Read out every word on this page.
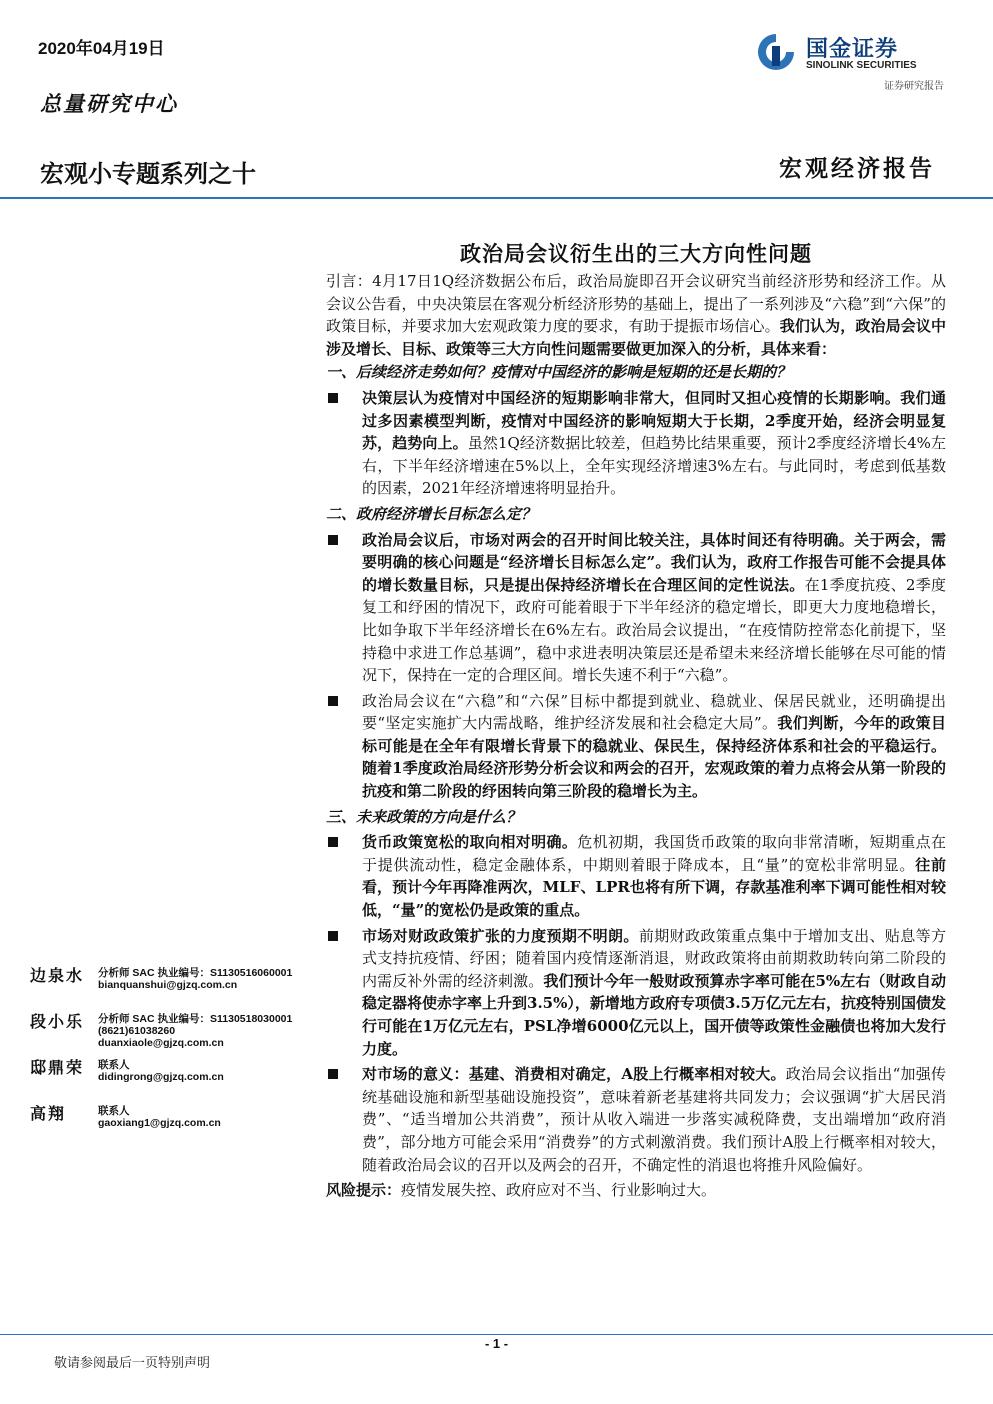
2020年04月19日
总量研究中心
宏观小专题系列之十	宏观经济报告
国金证券
SINOLINK SECURITIES
证券研究报告
政治局会议衍生出的三大方向性问题

引言：4月17日1Q经济数据公布后，政治局旋即召开会议研究当前经济形势和经济工作。从会议公告看，中央决策层在客观分析经济形势的基础上，提出了一系列涉及“六稳”到“六保”的政策目标，并要求加大宏观政策力度的要求，有助于提振市场信心。我们认为，政治局会议中涉及增长、目标、政策等三大方向性问题需要做更加深入的分析，具体来看：

一、后续经济走势如何？疫情对中国经济的影响是短期的还是长期的？

决策层认为疫情对中国经济的短期影响非常大，但同时又担心疫情的长期影响。我们通过多因素模型判断，疫情对中国经济的影响短期大于长期，2季度开始，经济会明显复苏，趋势向上。虽然1Q经济数据比较差，但趋势比结果重要，预计2季度经济增长4%左右，下半年经济增速在5%以上，全年实现经济增速3%左右。与此同时，考虑到低基数的因素，2021年经济增速将明显抬升。

二、政府经济增长目标怎么定？

政治局会议后，市场对两会的召开时间比较关注，具体时间还有待明确。关于两会，需要明确的核心问题是“经济增长目标怎么定”。我们认为，政府工作报告可能不会提具体的增长数量目标，只是提出保持经济增长在合理区间的定性说法。在1季度抗疫、2季度复工和纾困的情况下，政府可能着眼于下半年经济的稳定增长，即更大力度地稳增长，比如争取下半年经济增长在6%左右。政治局会议提出，“在疫情防控常态化前提下，坚持稳中求进工作总基调”，稳中求进表明决策层还是希望未来经济增长能够在尽可能的情况下，保持在一定的合理区间。增长失速不利于“六稳”。

政治局会议在“六稳”和“六保”目标中都提到就业、稳就业、保居民就业，还明确提出要“坚定实施扩大内需战略，维护经济发展和社会稳定大局”。我们判断，今年的政策目标可能是在全年有限增长背景下的稳就业、保民生，保持经济体系和社会的平稳运行。随着1季度政治局经济形势分析会议和两会的召开，宏观政策的着力点将会从第一阶段的抗疫和第二阶段的纾困转向第三阶段的稳增长为主。

三、未来政策的方向是什么？

货币政策宽松的取向相对明确。危机初期，我国货币政策的取向非常清晰，短期重点在于提供流动性，稳定金融体系，中期则着眼于降成本，且“量”的宽松非常明显。往前看，预计今年再降准两次，MLF、LPR也将有所下调，存款基准利率下调可能性相对较低，“量”的宽松仍是政策的重点。

市场对财政政策扩张的力度预期不明朗。前期财政政策重点集中于增加支出、贴息等方式支持抗疫情、纾困；随着国内疫情逐渐消退，财政政策将由前期救助转向第二阶段的内需反补外需的经济刺激。我们预计今年一般财政预算赤字率可能在5%左右（财政自动稳定器将使赤字率上升到3.5%），新增地方政府专项债3.5万亿元左右，抗疫特别国债发行可能在1万亿元左右，PSL净增6000亿元以上，国开债等政策性金融债也将加大发行力度。

对市场的意义：基建、消费相对确定，A股上行概率相对较大。政治局会议指出“加强传统基础设施和新型基础设施投资”，意味着新老基建将共同发力；会议强调“扩大居民消费”、“适当增加公共消费”，预计从收入端进一步落实减税降费，支出端增加“政府消费”，部分地方可能会采用“消费券”的方式刺激消费。我们预计A股上行概率相对较大，随着政治局会议的召开以及两会的召开，不确定性的消退也将推升风险偏好。

风险提示：疫情发展失控、政府应对不当、行业影响过大。

边泉水 分析师 SAC 执业编号：S1130516060001
bianquanshui@gjzq.com.cn
段小乐 分析师 SAC 执业编号：S1130518030001
(8621)61038260
duanxiaole@gjzq.com.cn
邸鼎荣 联系人
didingrong@gjzq.com.cn
高翔	联系人
gaoxiang1@gjzq.com.cn
- 1 -
敬请参阅最后一页特别声明
